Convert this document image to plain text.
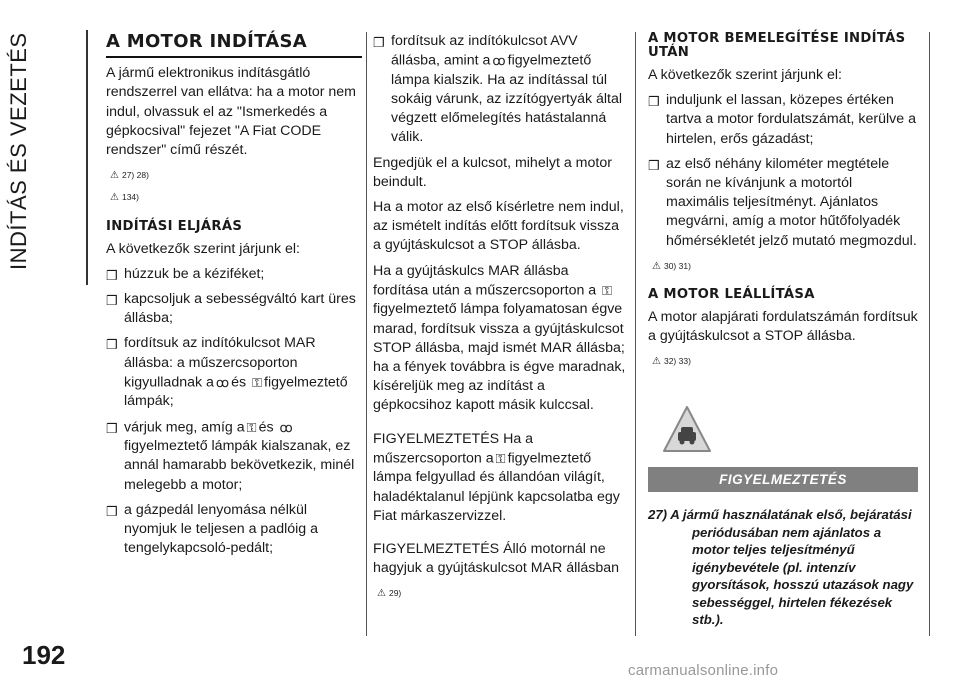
INDÍTÁS ÉS VEZETÉS
192
A MOTOR INDÍTÁSA

A jármű elektronikus indításgátló rendszerrel van ellátva: ha a motor nem indul, olvassuk el az "Ismerkedés a gépkocsival" fejezet "A Fiat CODE rendszer" című részét.

⚠ 27) 28)
⚠ 134)
INDÍTÁSI ELJÁRÁS

A következők szerint járjunk el:

❒ húzzuk be a kéziféket;
❒ kapcsoljuk a sebességváltó kart üres állásba;
❒ fordítsuk az indítókulcsot MAR állásba: a műszercsoporton kigyulladnak a ꝏ és ⚿ figyelmeztető lámpák;
❒ várjuk meg, amíg a ⚿ és ꝏfigyelmeztető lámpák kialszanak, ez annál hamarabb bekövetkezik, minél melegebb a motor;
❒ a gázpedál lenyomása nélkül nyomjuk le teljesen a padlóig a tengelykapcsoló-pedált;
❒ fordítsuk az indítókulcsot AVV állásba, amint a ꝏ figyelmeztető lámpa kialszik. Ha az indítással túl sokáig várunk, az izzítógyertyák által végzett előmelegítés hatástalanná válik.

Engedjük el a kulcsot, mihelyt a motor beindult.

Ha a motor az első kísérletre nem indul, az ismételt indítás előtt fordítsuk vissza a gyújtáskulcsot a STOP állásba.

Ha a gyújtáskulcs MAR állásba fordítása után a műszercsoporton a ⚿figyelmeztető lámpa folyamatosan égve marad, fordítsuk vissza a gyújtáskulcsot STOP állásba, majd ismét MAR állásba; ha a fények továbbra is égve maradnak, kíséreljük meg az indítást a gépkocsihoz kapott másik kulccsal.

FIGYELMEZTETÉS Ha a műszercsoporton a ⚿ figyelmeztető lámpa felgyullad és állandóan világít, haladéktalanul lépjünk kapcsolatba egy Fiat márkaszervizzel.

FIGYELMEZTETÉS Álló motornál ne hagyjuk a gyújtáskulcsot MAR állásban

⚠ 29)
A MOTOR BEMELEGÍTÉSE INDÍTÁS UTÁN

A következők szerint járjunk el:

❒ induljunk el lassan, közepes értéken tartva a motor fordulatszámát, kerülve a hirtelen, erős gázadást;
❒ az első néhány kilométer megtétele során ne kívánjunk a motortól maximális teljesítményt. Ajánlatos megvárni, amíg a motor hűtőfolyadék hőmérsékletét jelző mutató megmozdul.
⚠ 30) 31)
A MOTOR LEÁLLÍTÁSA

A motor alapjárati fordulatszámán fordítsuk a gyújtáskulcsot a STOP állásba.

⚠ 32) 33)
FIGYELMEZTETÉS
27) A jármű használatának első, bejáratási periódusában nem ajánlatos a motor teljes teljesítményű igénybevétele (pl. intenzív gyorsítások, hosszú utazások nagy sebességgel, hirtelen fékezések stb.).
carmanualsonline.info
